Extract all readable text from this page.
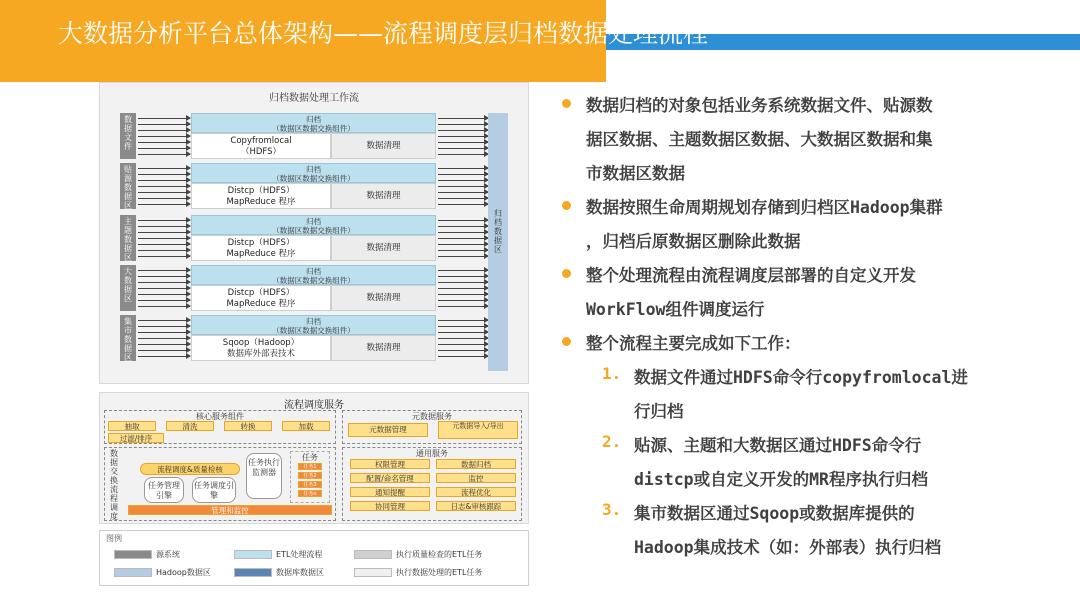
大数据分析平台总体架构——流程调度层归档数据处理流程
归档数据处理工作流
数
据
文
件
归档
（数据区数据交换组件）
Copyfromlocal
（HDFS）
数据清理
贴
源
数
据
区
归档
（数据区数据交换组件）
Distcp（HDFS）
MapReduce 程序
数据清理
主
题
数
据
区
归档
（数据区数据交换组件）
Distcp（HDFS）
MapReduce 程序
数据清理
大
数
据
区
归档
（数据区数据交换组件）
Distcp（HDFS）
MapReduce 程序
数据清理
集
市
数
据
区
归档
（数据区数据交换组件）
Sqoop（Hadoop）
数据库外部表技术
数据清理
归
档
数
据
区
流程调度服务
核心服务组件
抽取	清洗	转换	加载
过滤/排序
元数据服务
元数据管理	元数据导入/导出
数
据
交
换
流
程
调
度
流程调度&质量检核
任务管理引擎
任务调度引擎
任务执行监测器
任务
任务1
任务2
任务3
任务n
管理和监控
通用服务
权限管理	数据归档
配置/命名管理	监控
通知提醒	流程优化
协同管理	日志&审核跟踪
图例
源系统	ETL处理流程	执行质量检查的ETL任务
Hadoop数据区	数据库数据区	执行数据处理的ETL任务
数据归档的对象包括业务系统数据文件、贴源数
据区数据、主题数据区数据、大数据区数据和集
市数据区数据
数据按照生命周期规划存储到归档区Hadoop集群
，归档后原数据区删除此数据
整个处理流程由流程调度层部署的自定义开发
WorkFlow组件调度运行
整个流程主要完成如下工作：
1. 数据文件通过HDFS命令行copyfromlocal进
行归档
2. 贴源、主题和大数据区通过HDFS命令行
distcp或自定义开发的MR程序执行归档
3. 集市数据区通过Sqoop或数据库提供的
Hadoop集成技术（如：外部表）执行归档
